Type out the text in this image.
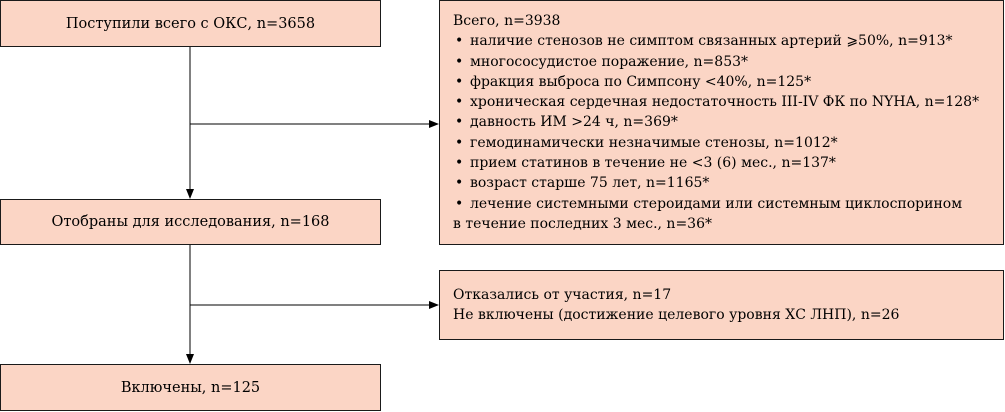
Поступили всего с ОКС, n=3658
Отобраны для исследования, n=168
Включены, n=125
Всего, n=3938
• наличие стенозов не симптом связанных артерий ⩾50%, n=913*
• многососудистое поражение, n=853*
• фракция выброса по Симпсону <40%, n=125*
• хроническая сердечная недостаточность III-IV ФК по NYHA, n=128*
• давность ИМ >24 ч, n=369*
• гемодинамически незначимые стенозы, n=1012*
• прием статинов в течение не <3 (6) мес., n=137*
• возраст старше 75 лет, n=1165*
• лечение системными стероидами или системным циклоспорином
в течение последних 3 мес., n=36*
Отказались от участия, n=17
Не включены (достижение целевого уровня ХС ЛНП), n=26
